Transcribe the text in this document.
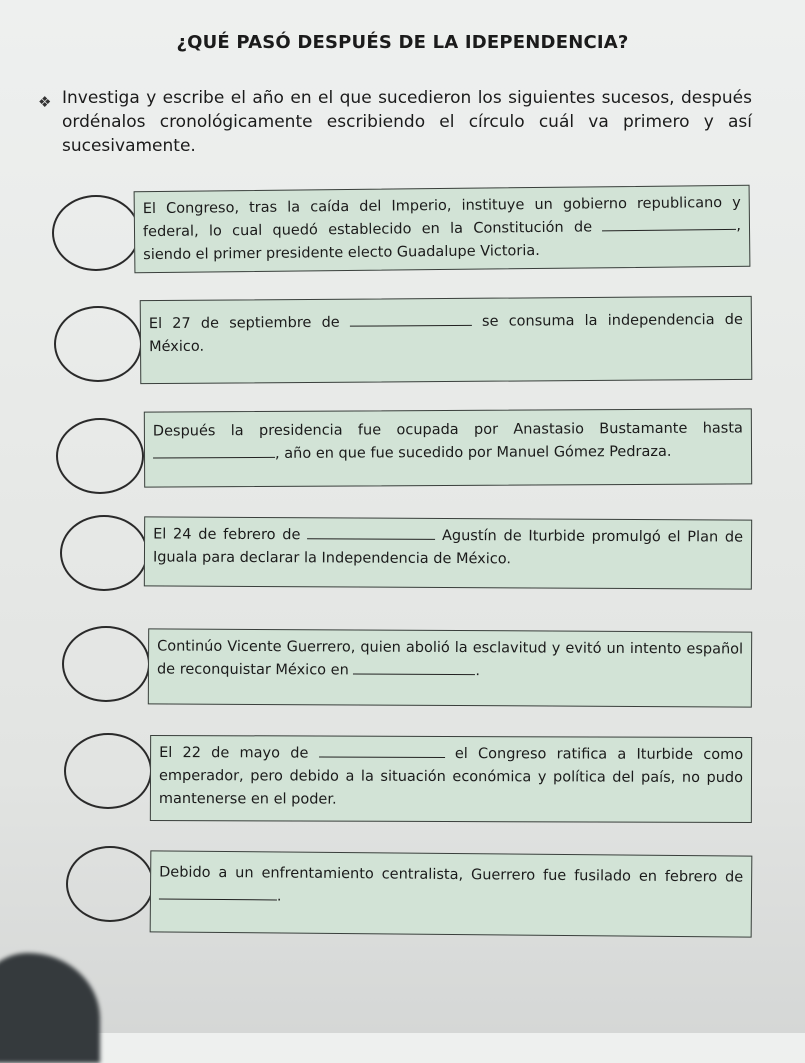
¿QUÉ PASÓ DESPUÉS DE LA IDEPENDENCIA?
❖ Investiga y escribe el año en el que sucedieron los siguientes sucesos, después ordénalos cronológicamente escribiendo el círculo cuál va primero y así sucesivamente.
El Congreso, tras la caída del Imperio, instituye un gobierno republicano y federal, lo cual quedó establecido en la Constitución de	, siendo el primer presidente electo Guadalupe Victoria.
El 27 de septiembre de	se consuma la independencia de México.
Después la presidencia fue ocupada por Anastasio Bustamante hasta , año en que fue sucedido por Manuel Gómez Pedraza.
El 24 de febrero de	Agustín de Iturbide promulgó el Plan de Iguala para declarar la Independencia de México.
Continúo Vicente Guerrero, quien abolió la esclavitud y evitó un intento español de reconquistar México en	.
El 22 de mayo de	el Congreso ratifica a Iturbide como emperador, pero debido a la situación económica y política del país, no pudo mantenerse en el poder.
Debido a un enfrentamiento centralista, Guerrero fue fusilado en febrero de .
